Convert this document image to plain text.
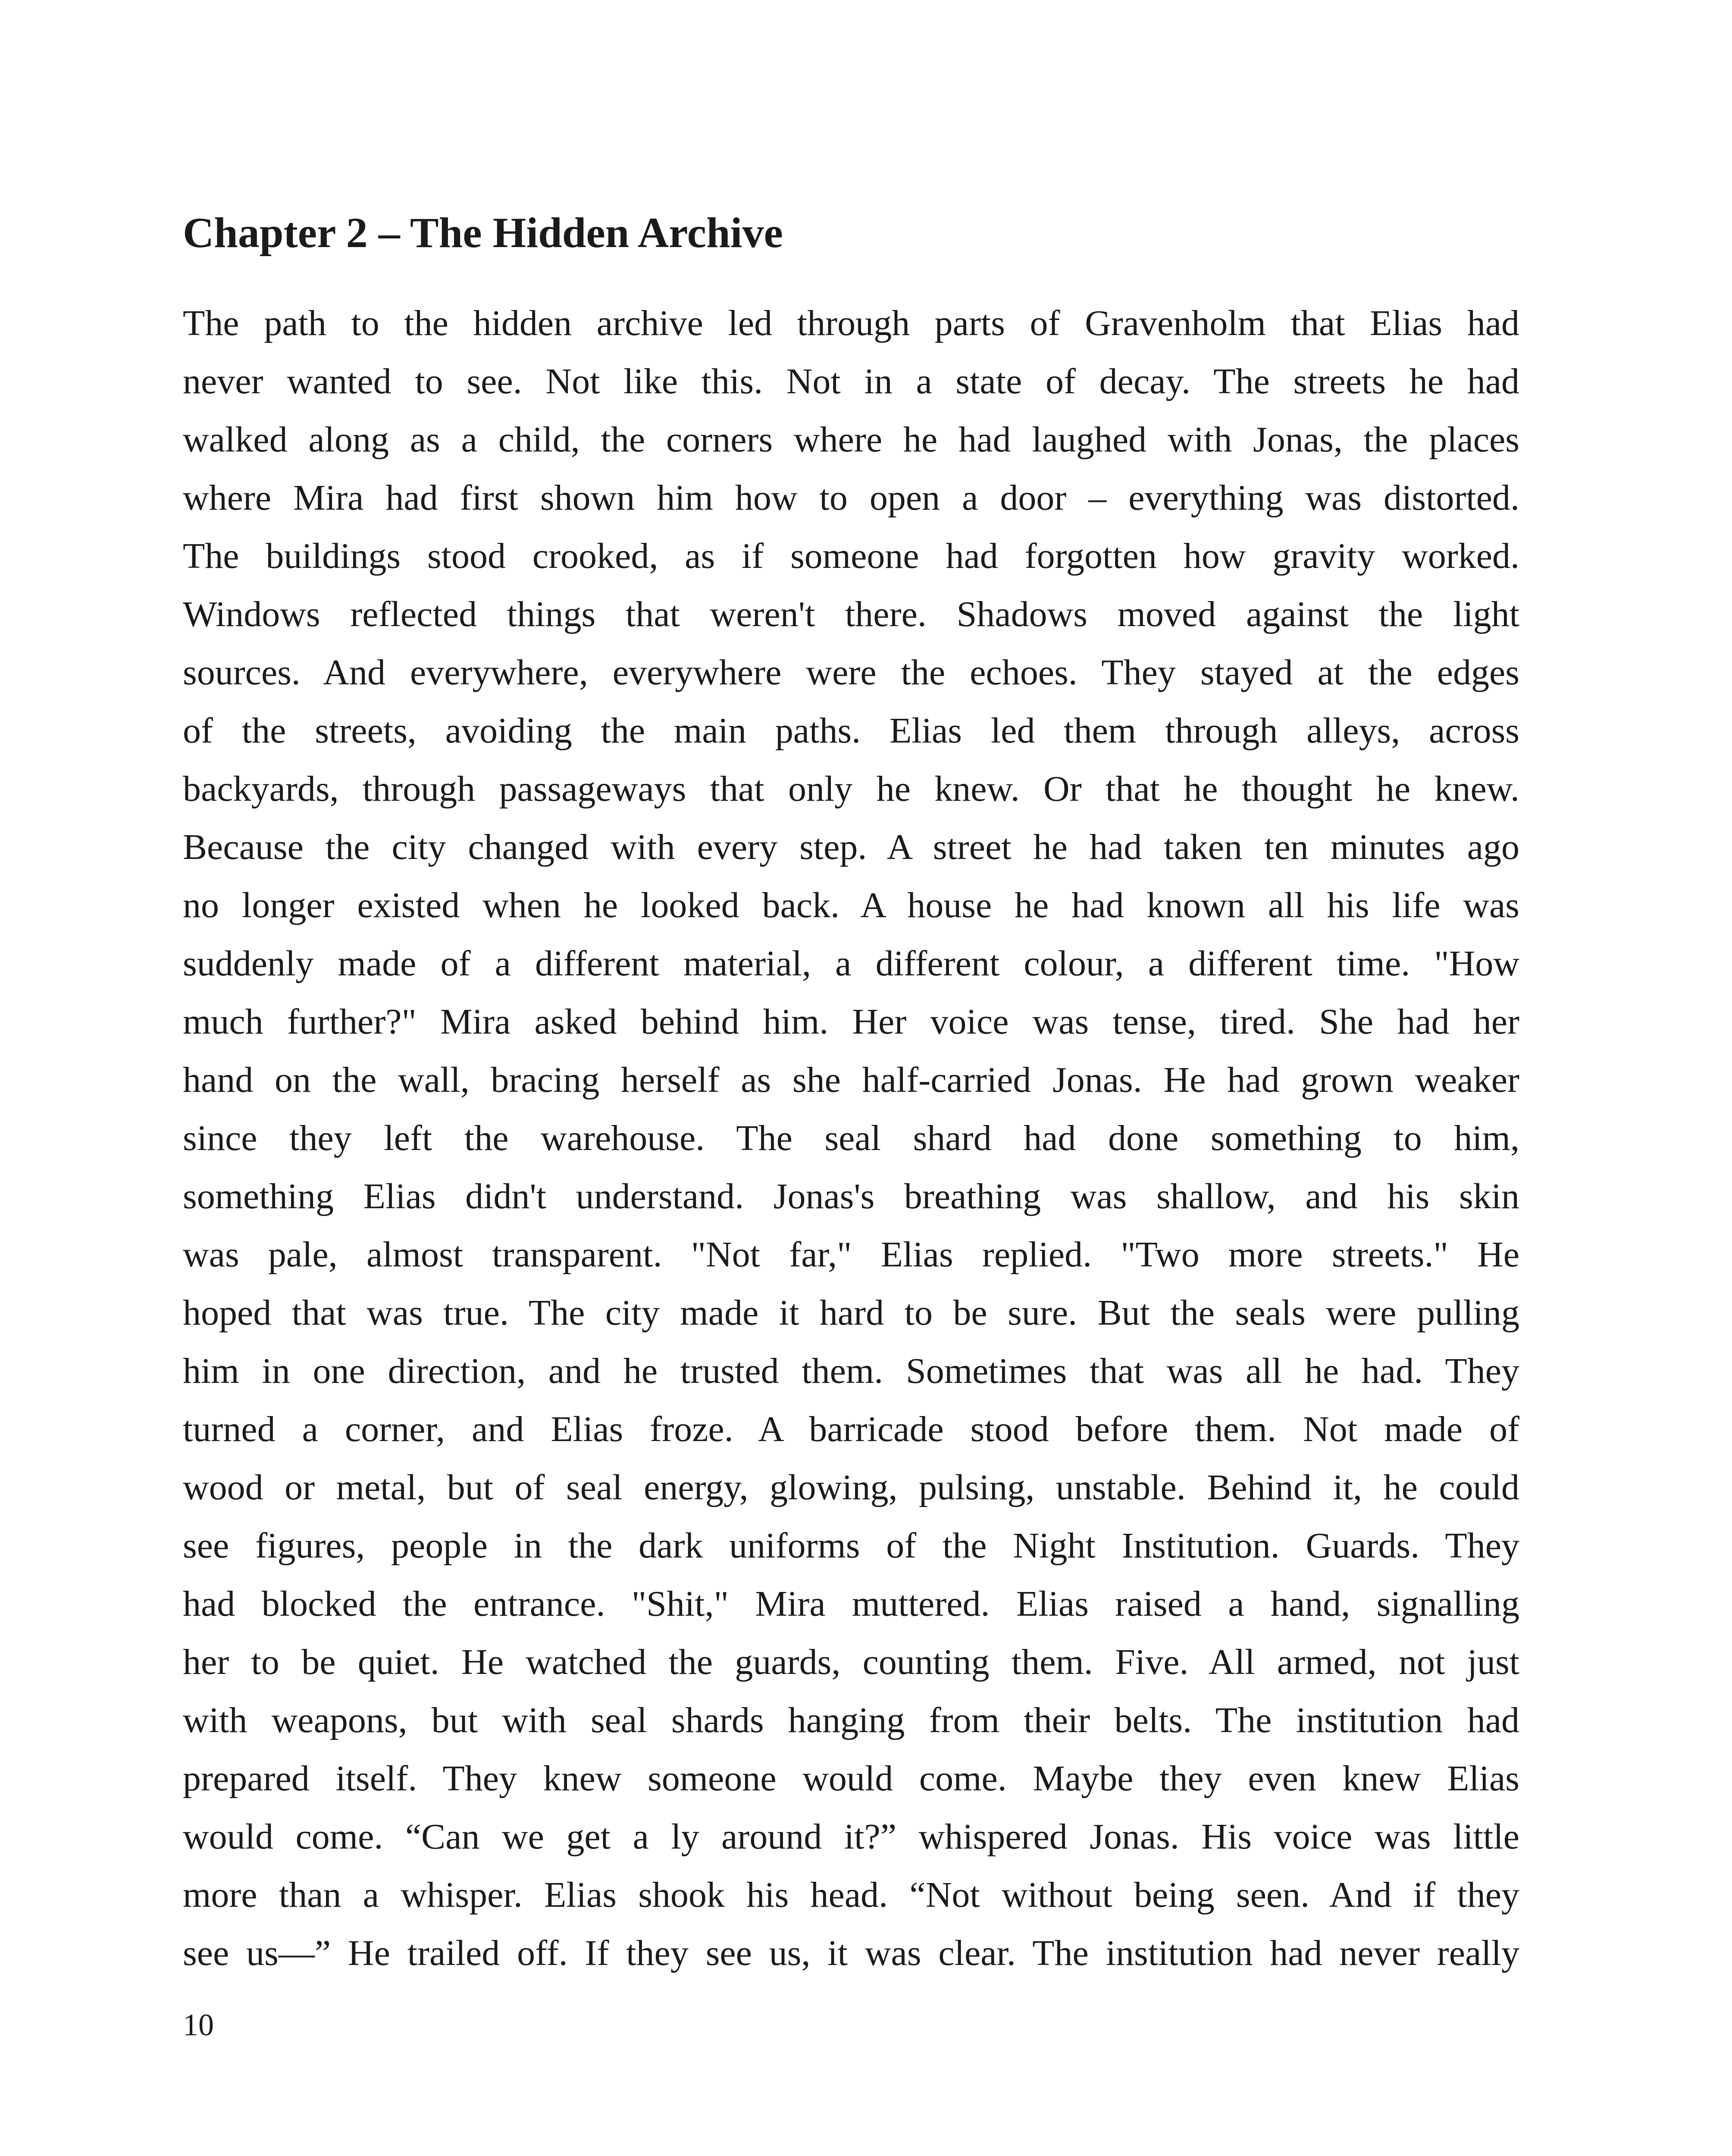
Chapter 2 – The Hidden Archive
The path to the hidden archive led through parts of Gravenholm that Elias had
never wanted to see. Not like this. Not in a state of decay. The streets he had
walked along as a child, the corners where he had laughed with Jonas, the places
where Mira had first shown him how to open a door – everything was distorted.
The buildings stood crooked, as if someone had forgotten how gravity worked.
Windows reflected things that weren't there. Shadows moved against the light
sources. And everywhere, everywhere were the echoes. They stayed at the edges
of the streets, avoiding the main paths. Elias led them through alleys, across
backyards, through passageways that only he knew. Or that he thought he knew.
Because the city changed with every step. A street he had taken ten minutes ago
no longer existed when he looked back. A house he had known all his life was
suddenly made of a different material, a different colour, a different time. "How
much further?" Mira asked behind him. Her voice was tense, tired. She had her
hand on the wall, bracing herself as she half-carried Jonas. He had grown weaker
since they left the warehouse. The seal shard had done something to him,
something Elias didn't understand. Jonas's breathing was shallow, and his skin
was pale, almost transparent. "Not far," Elias replied. "Two more streets." He
hoped that was true. The city made it hard to be sure. But the seals were pulling
him in one direction, and he trusted them. Sometimes that was all he had. They
turned a corner, and Elias froze. A barricade stood before them. Not made of
wood or metal, but of seal energy, glowing, pulsing, unstable. Behind it, he could
see figures, people in the dark uniforms of the Night Institution. Guards. They
had blocked the entrance. "Shit," Mira muttered. Elias raised a hand, signalling
her to be quiet. He watched the guards, counting them. Five. All armed, not just
with weapons, but with seal shards hanging from their belts. The institution had
prepared itself. They knew someone would come. Maybe they even knew Elias
would come. “Can we get a ly around it?” whispered Jonas. His voice was little
more than a whisper. Elias shook his head. “Not without being seen. And if they
see us—” He trailed off. If they see us, it was clear. The institution had never really
10
